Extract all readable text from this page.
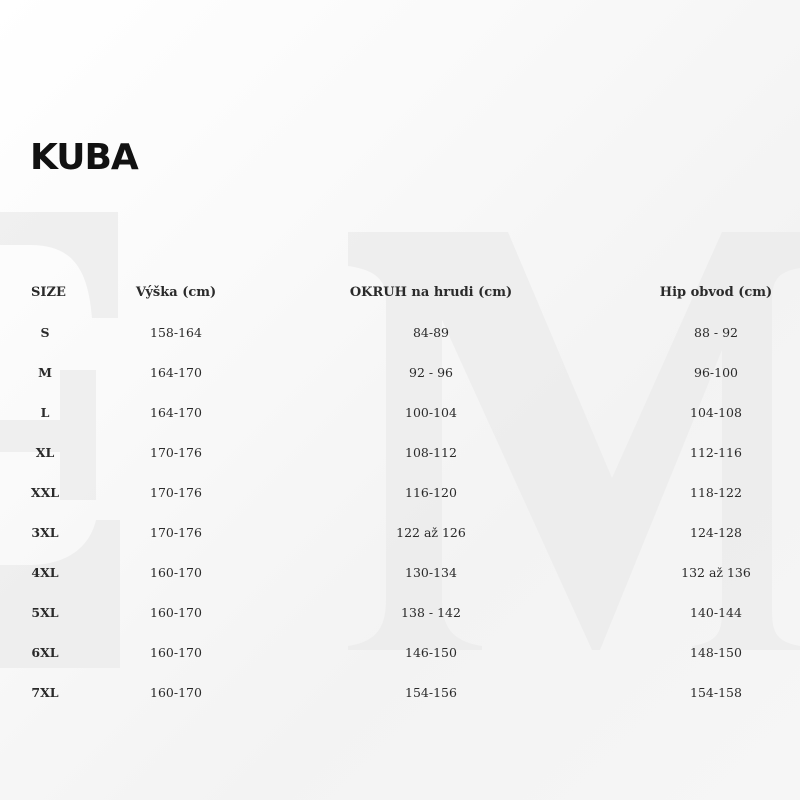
KUBA
SIZE	Výška (cm)	OKRUH na hrudi (cm)	Hip obvod (cm)
S	158-164	84-89	88 - 92
M	164-170	92 - 96	96-100
L	164-170	100-104	104-108
XL	170-176	108-112	112-116
XXL	170-176	116-120	118-122
3XL	170-176	122 až 126	124-128
4XL	160-170	130-134	132 až 136
5XL	160-170	138 - 142	140-144
6XL	160-170	146-150	148-150
7XL	160-170	154-156	154-158
